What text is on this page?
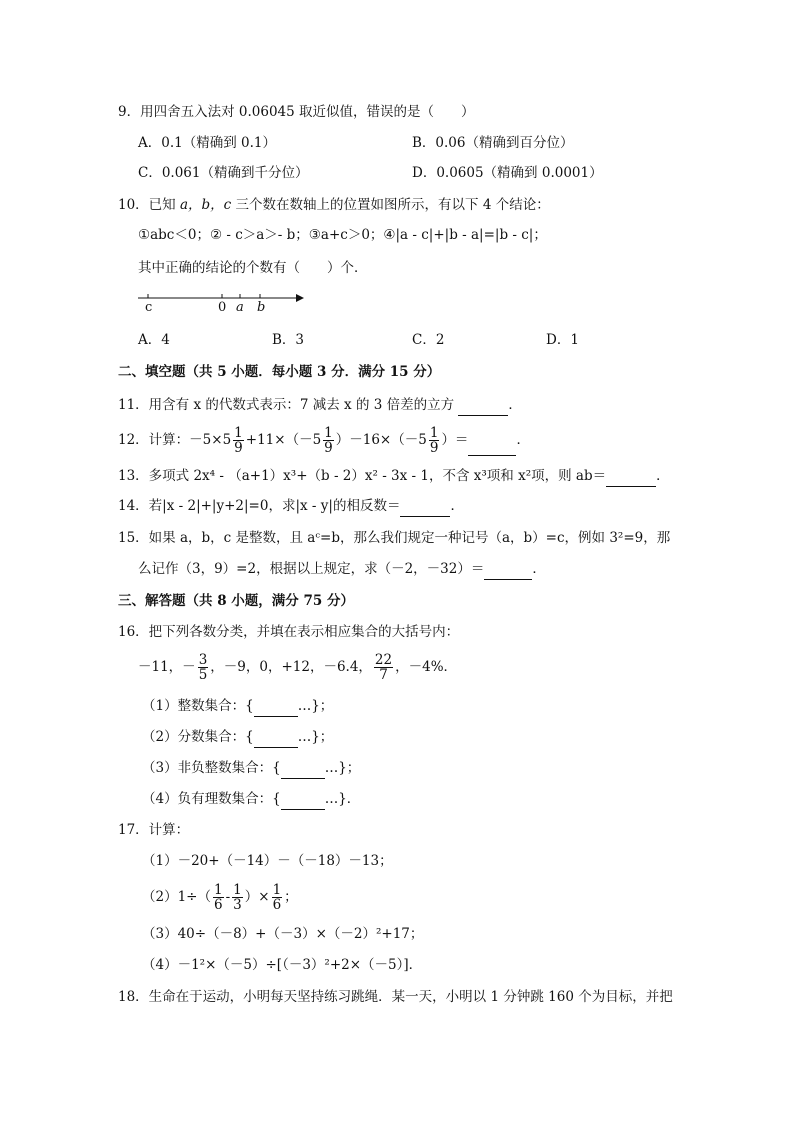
9．用四舍五入法对 0.06045 取近似值，错误的是（　　）
A．0.1（精确到 0.1）	B．0.06（精确到百分位）
C．0.061（精确到千分位）	D．0.0605（精确到 0.0001）
10．已知 a，b，c 三个数在数轴上的位置如图所示，有以下 4 个结论：
①abc＜0；② - c＞a＞- b；③a+c＞0；④|a - c|+|b - a|=|b - c|；
其中正确的结论的个数有（　　）个．
c	0 a b
A．4	B．3	C．2	D．1
二、填空题（共 5 小题．每小题 3 分．满分 15 分）
11．用含有 x 的代数式表示：7 减去 x 的 3 倍差的立方	．
12．计算：$-5\times 5 \frac{1}{9} +11\times(-5 \frac{1}{9} )-16\times(-5 \frac{1}{9}$ ）＝	．
13．多项式 2x⁴ - （a+1）x³+（b - 2）x² - 3x - 1，不含 x³项和 x²项，则 ab＝	．
14．若|x - 2|+|y+2|=0，求|x - y|的相反数＝	．
15．如果 a，b，c 是整数，且 aᶜ=b，那么我们规定一种记号（a，b）=c，例如 3²=9，那
么记作（3，9）=2，根据以上规定，求（－2，－32）＝	．
三、解答题（共 8 小题，满分 75 分）
16．把下列各数分类，并填在表示相应集合的大括号内：
－11，－ $\frac{3}{5}$ ，－9，0，+12，－6.4， $\frac{22}{7}$ ，－4%．
（1）整数集合：{	…}；
（2）分数集合：{	…}；
（3）非负整数集合：{	…}；
（4）负有理数集合：{	…}．
17．计算：
（1）－20+（－14）－（－18）－13；
$(2)1\div( \frac{1}{6} - \frac{1}{3}$ ）× $\frac{1}{6}$ ；
（3）40÷（－8）+（－3）×（－2）²+17；
（4）－1²×（－5）÷[（－3）²+2×（－5）]．
18．生命在于运动，小明每天坚持练习跳绳．某一天，小明以 1 分钟跳 160 个为目标，并把
